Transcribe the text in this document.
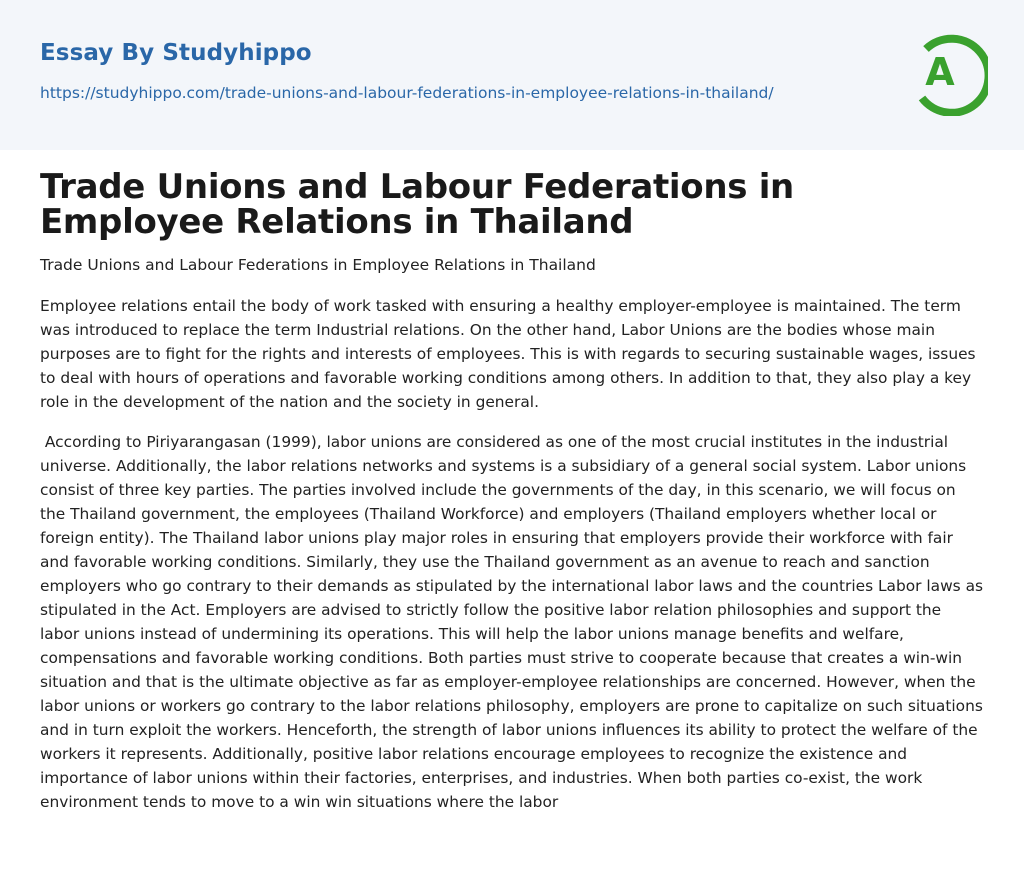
Essay By Studyhippo
https://studyhippo.com/trade-unions-and-labour-federations-in-employee-relations-in-thailand/	A
Trade Unions and Labour Federations in Employee Relations in Thailand
Trade Unions and Labour Federations in Employee Relations in Thailand

Employee relations entail the body of work tasked with ensuring a healthy employer-employee is maintained. The term was introduced to replace the term Industrial relations. On the other hand, Labor Unions are the bodies whose main purposes are to fight for the rights and interests of employees. This is with regards to securing sustainable wages, issues to deal with hours of operations and favorable working conditions among others. In addition to that, they also play a key role in the development of the nation and the society in general.

According to Piriyarangasan (1999), labor unions are considered as one of the most crucial institutes in the industrial universe. Additionally, the labor relations networks and systems is a subsidiary of a general social system. Labor unions consist of three key parties. The parties involved include the governments of the day, in this scenario, we will focus on the Thailand government, the employees (Thailand Workforce) and employers (Thailand employers whether local or foreign entity). The Thailand labor unions play major roles in ensuring that employers provide their workforce with fair and favorable working conditions. Similarly, they use the Thailand government as an avenue to reach and sanction employers who go contrary to their demands as stipulated by the international labor laws and the countries Labor laws as stipulated in the Act. Employers are advised to strictly follow the positive labor relation philosophies and support the labor unions instead of undermining its operations. This will help the labor unions manage benefits and welfare, compensations and favorable working conditions. Both parties must strive to cooperate because that creates a win-win situation and that is the ultimate objective as far as employer-employee relationships are concerned. However, when the labor unions or workers go contrary to the labor relations philosophy, employers are prone to capitalize on such situations and in turn exploit the workers. Henceforth, the strength of labor unions influences its ability to protect the welfare of the workers it represents. Additionally, positive labor relations encourage employees to recognize the existence and importance of labor unions within their factories, enterprises, and industries. When both parties co-exist, the work environment tends to move to a win win situations where the labor
